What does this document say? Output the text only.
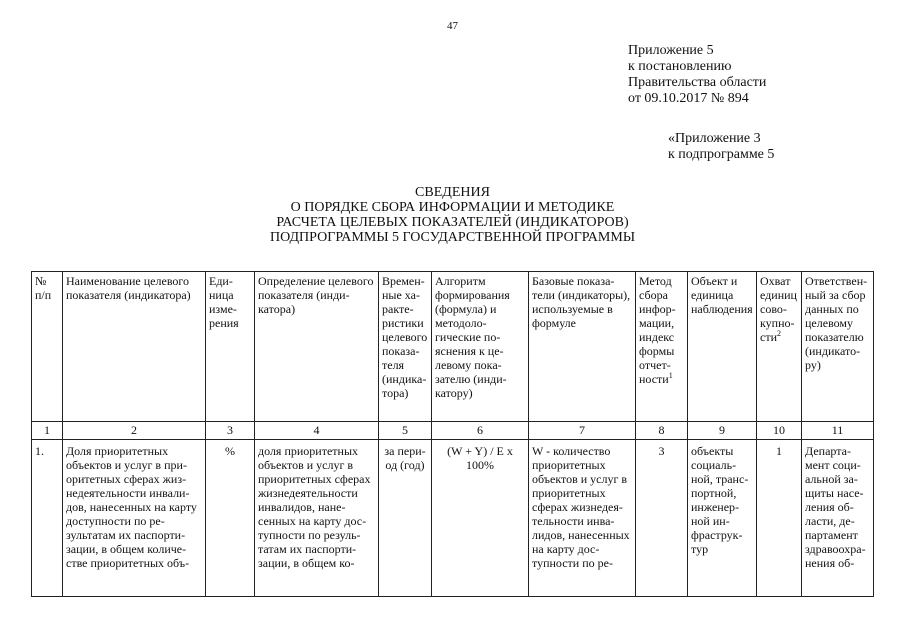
47
Приложение 5
к постановлению
Правительства области
от 09.10.2017 № 894
«Приложение 3
к подпрограмме 5
СВЕДЕНИЯ
О ПОРЯДКЕ СБОРА ИНФОРМАЦИИ И МЕТОДИКЕ
РАСЧЕТА ЦЕЛЕВЫХ ПОКАЗАТЕЛЕЙ (ИНДИКАТОРОВ)
ПОДПРОГРАММЫ 5 ГОСУДАРСТВЕННОЙ ПРОГРАММЫ
№ п/п	Наименование целевого показателя (индикатора)	Единица измерения	Определение целевого показателя (индикатора)	Временные характеристики целевого показателя (индикатора)	Алгоритм формирования (формула) и методологические пояснения к целевому показателю (индикатору)	Базовые показатели (индикаторы), используемые в формуле	Метод сбора информации, индекс формы отчетности$^1$	Объект и единица наблюдения	Охват единиц совокупности$^2$	Ответственный за сбор данных по целевому показателю (индикатору)
1	2	3	4	5	6	7	8	9	10	11
1.	Доля приоритетных объектов и услуг в приоритетных сферах жизнедеятельности инвалидов, нанесенных на карту доступности по результатам их паспортизации, в общем количестве приоритетных объ-	%	доля приоритетных объектов и услуг в приоритетных сферах жизнедеятельности инвалидов, нанесенных на карту доступности по результатам их паспортизации, в общем ко-	за период (год)	(W + Y) / E x 100%	W - количество приоритетных объектов и услуг в приоритетных сферах жизнедеятельности инвалидов, нанесенных на карту доступности по ре-	3	объекты социальной, транспортной, инженерной инфраструктур	1	Департамент социальной защиты населения области, департамент здравоохранения об-
